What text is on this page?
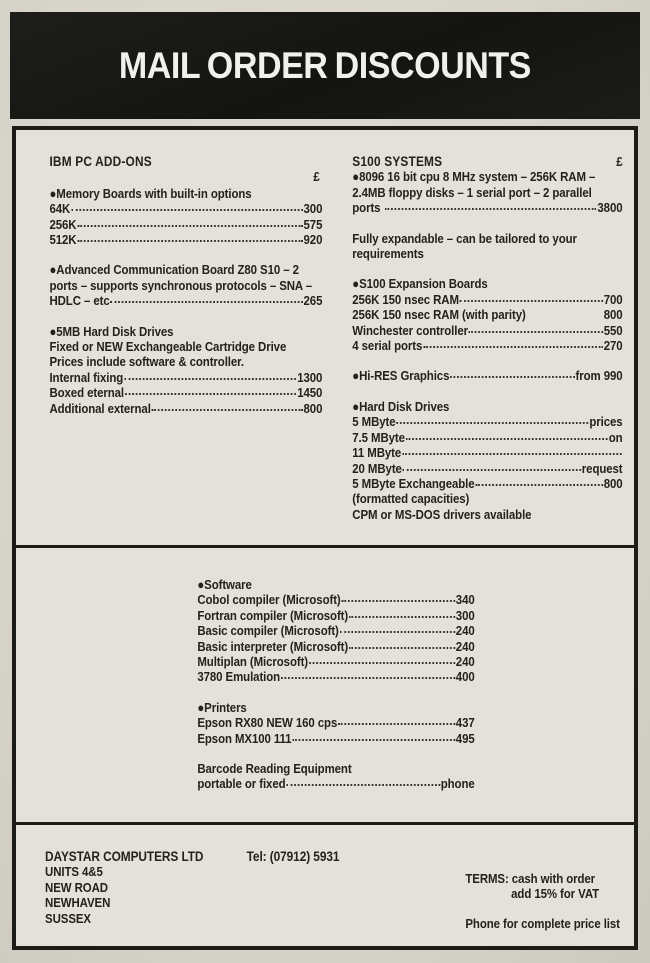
MAIL ORDER DISCOUNTS
IBM PC ADD-ONS
£
●Memory Boards with built-in options
64K	300
256K	575
512K	920
●Advanced Communication Board Z80 S10 – 2
ports – supports synchronous protocols – SNA –
HDLC – etc	265
●5MB Hard Disk Drives
Fixed or NEW Exchangeable Cartridge Drive
Prices include software & controller.
Internal fixing	1300
Boxed eternal	1450
Additional external	800
S100 SYSTEMS	£
●8096 16 bit cpu 8 MHz system – 256K RAM –
2.4MB floppy disks – 1 serial port – 2 parallel
ports	3800
Fully expandable – can be tailored to your
requirements
●S100 Expansion Boards
256K 150 nsec RAM	700
256K 150 nsec RAM (with parity)	800
Winchester controller	550
4 serial ports	270
●Hi-RES Graphics	from 990
●Hard Disk Drives
5 MByte	prices
7.5 MByte	on
11 MByte
20 MByte	request
5 MByte Exchangeable	800
(formatted capacities)
CPM or MS-DOS drivers available
●Software
Cobol compiler (Microsoft)	340
Fortran compiler (Microsoft)	300
Basic compiler (Microsoft)	240
Basic interpreter (Microsoft)	240
Multiplan (Microsoft)	240
3780 Emulation	400
●Printers
Epson RX80 NEW 160 cps	437
Epson MX100 111	495
Barcode Reading Equipment
portable or fixed	phone
DAYSTAR COMPUTERS LTD	Tel: (07912) 5931
UNITS 4&5
NEW ROAD
NEWHAVEN
SUSSEX
TERMS: cash with order
add 15% for VAT
Phone for complete price list
